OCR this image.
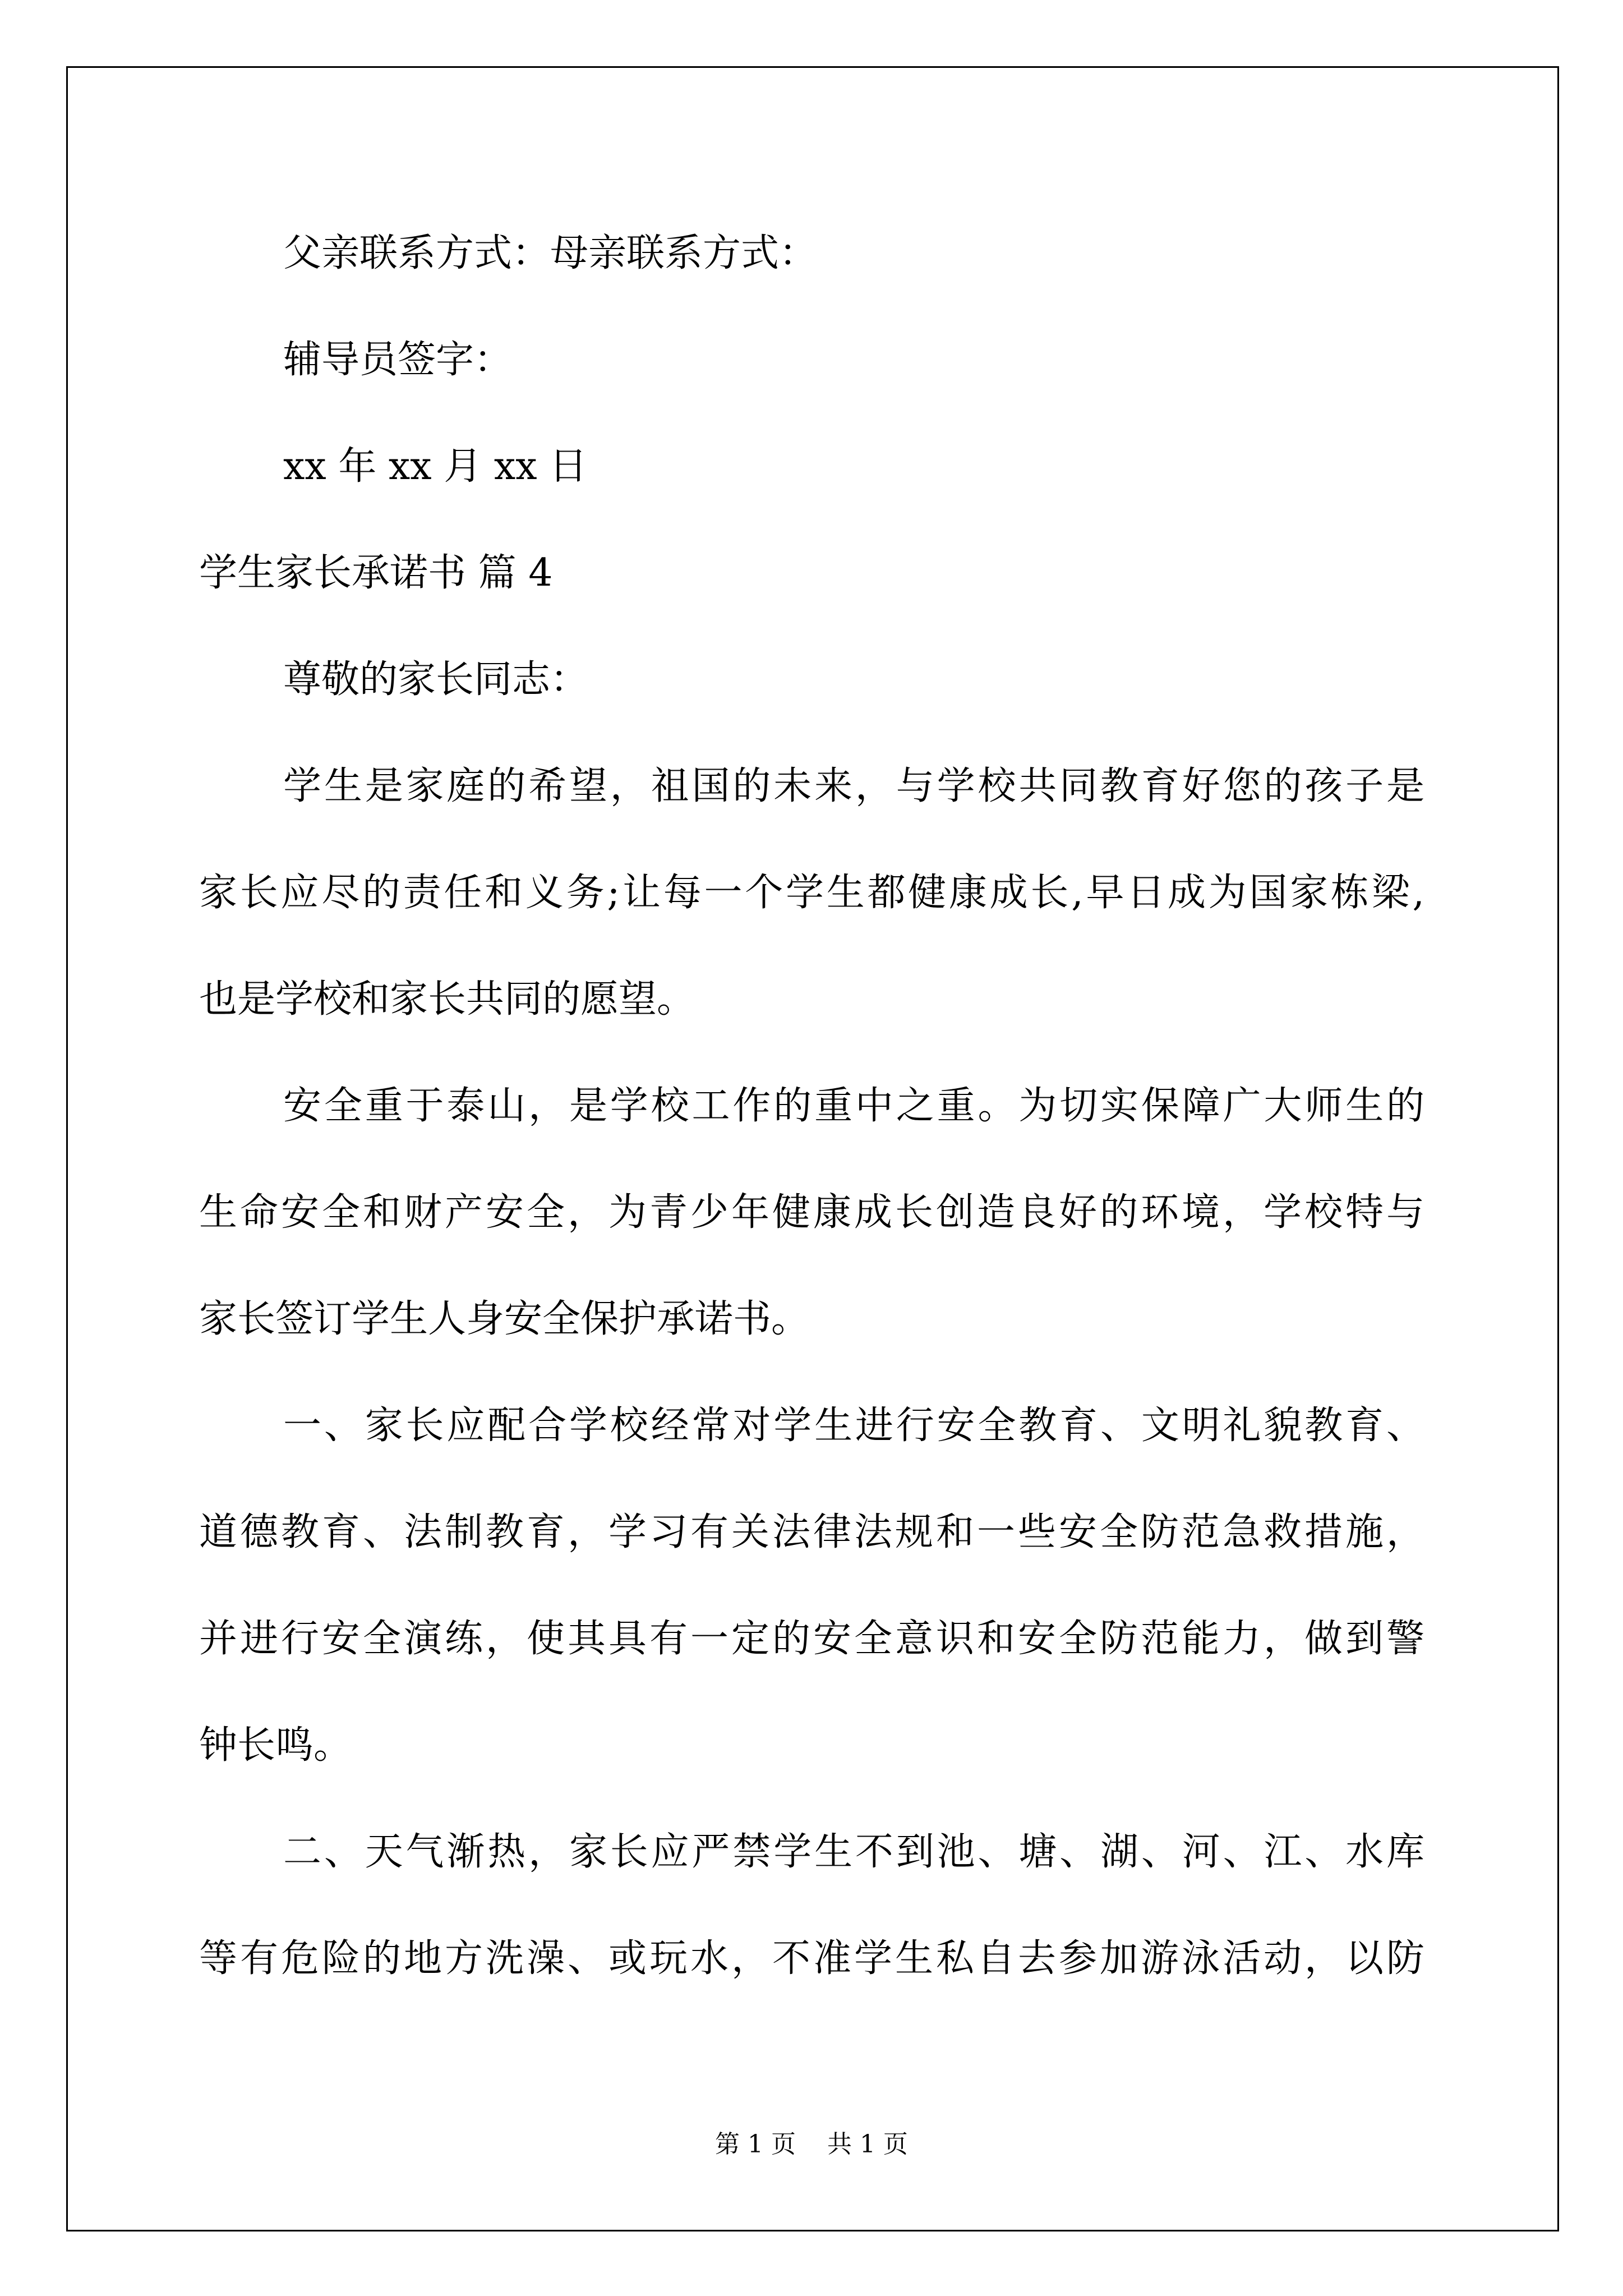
父亲联系方式：母亲联系方式：
辅导员签字：
xx 年 xx 月 xx 日
学生家长承诺书 篇 4
尊敬的家长同志：
学生是家庭的希望，祖国的未来，与学校共同教育好您的孩子是
家长应尽的责任和义务;让每一个学生都健康成长,早日成为国家栋梁,
也是学校和家长共同的愿望。
安全重于泰山，是学校工作的重中之重。为切实保障广大师生的
生命安全和财产安全，为青少年健康成长创造良好的环境，学校特与
家长签订学生人身安全保护承诺书。
一、家长应配合学校经常对学生进行安全教育、文明礼貌教育、
道德教育、法制教育，学习有关法律法规和一些安全防范急救措施，
并进行安全演练，使其具有一定的安全意识和安全防范能力，做到警
钟长鸣。
二、天气渐热，家长应严禁学生不到池、塘、湖、河、江、水库
等有危险的地方洗澡、或玩水，不准学生私自去参加游泳活动，以防
第 1 页    共 1 页
